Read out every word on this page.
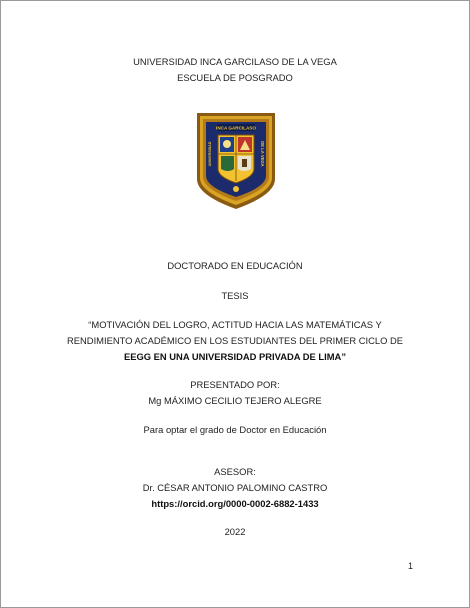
UNIVERSIDAD INCA GARCILASO DE LA VEGA
ESCUELA DE POSGRADO
INCA GARCILASO
DE LA VEGA
UNIVERSIDAD
DOCTORADO EN EDUCACIÓN
TESIS
“MOTIVACIÓN DEL LOGRO, ACTITUD HACIA LAS MATEMÁTICAS Y
RENDIMIENTO ACADÉMICO EN LOS ESTUDIANTES DEL PRIMER CICLO DE
EEGG EN UNA UNIVERSIDAD PRIVADA DE LIMA”
PRESENTADO POR:
Mg MÁXIMO CECILIO TEJERO ALEGRE
Para optar el grado de Doctor en Educación
ASESOR:
Dr. CÉSAR ANTONIO PALOMINO CASTRO
https://orcid.org/0000-0002-6882-1433
2022
1
